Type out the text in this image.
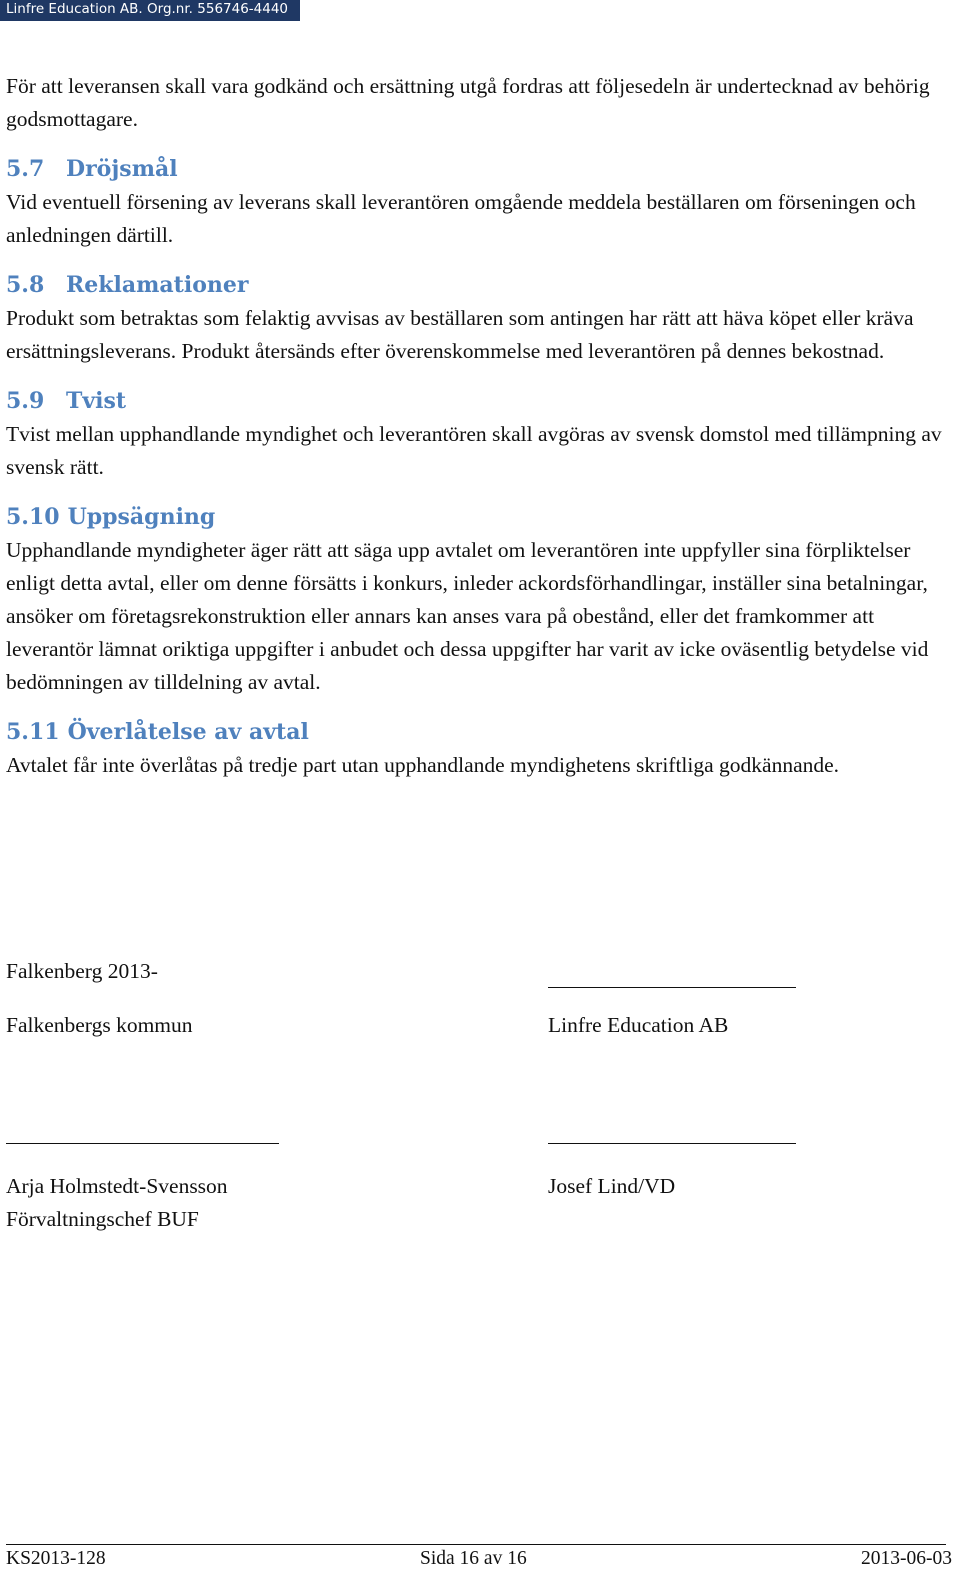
Linfre Education AB. Org.nr. 556746-4440

För att leveransen skall vara godkänd och ersättning utgå fordras att följesedeln är undertecknad av behörig godsmottagare.

5.7 Dröjsmål

Vid eventuell försening av leverans skall leverantören omgående meddela beställaren om förseningen och anledningen därtill.

5.8 Reklamationer

Produkt som betraktas som felaktig avvisas av beställaren som antingen har rätt att häva köpet eller kräva ersättningsleverans. Produkt återsänds efter överenskommelse med leverantören på dennes bekostnad.

5.9 Tvist

Tvist mellan upphandlande myndighet och leverantören skall avgöras av svensk domstol med tillämpning av svensk rätt.

5.10 Uppsägning

Upphandlande myndigheter äger rätt att säga upp avtalet om leverantören inte uppfyller sina förpliktelser enligt detta avtal, eller om denne försätts i konkurs, inleder ackordsförhandlingar, inställer sina betalningar, ansöker om företagsrekonstruktion eller annars kan anses vara på obestånd, eller det framkommer att leverantör lämnat oriktiga uppgifter i anbudet och dessa uppgifter har varit av icke oväsentlig betydelse vid bedömningen av tilldelning av avtal.

5.11 Överlåtelse av avtal

Avtalet får inte överlåtas på tredje part utan upphandlande myndighetens skriftliga godkännande.

Falkenberg 2013-
Falkenbergs kommun	Linfre Education AB
Arja Holmstedt-Svensson
Förvaltningschef BUF
Josef Lind/VD
KS2013-128	Sida 16 av 16	2013-06-03
